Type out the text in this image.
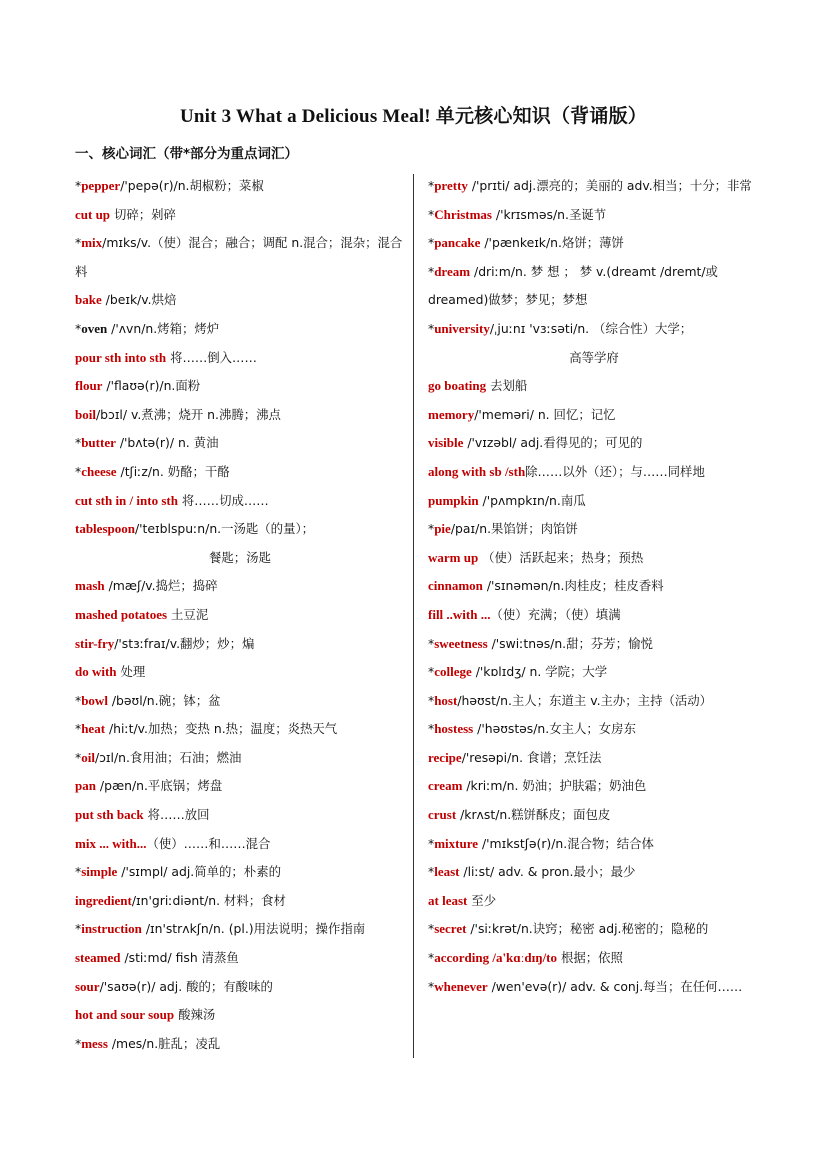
Unit 3 What a Delicious Meal! 单元核心知识（背诵版）
一、核心词汇（带*部分为重点词汇）
*pepper/'pepə(r)/n.胡椒粉；菜椒
cut up 切碎；剁碎
*mix/mɪks/v.（使）混合；融合；调配 n.混合；混杂；混合料
bake /beɪk/v.烘焙
*oven /'ʌvn/n.烤箱；烤炉
pour sth into sth 将……倒入……
flour /'flaʊə(r)/n.面粉
boil/bɔɪl/ v.煮沸；烧开 n.沸腾；沸点
*butter /'bʌtə(r)/ n. 黄油
*cheese /tʃiːz/n. 奶酪；干酪
cut sth in / into sth 将……切成……
tablespoon/'teɪblspuːn/n.一汤匙（的量）；
餐匙；汤匙
mash /mæʃ/v.捣烂；捣碎
mashed potatoes 土豆泥
stir-fry/'stɜːfraɪ/v.翻炒；炒；煸
do with 处理
*bowl /bəʊl/n.碗；钵；盆
*heat /hiːt/v.加热；变热 n.热；温度；炎热天气
*oil/ɔɪl/n.食用油；石油；燃油
pan /pæn/n.平底锅；烤盘
put sth back 将……放回
mix ... with...（使）……和……混合
*simple /'sɪmpl/ adj.简单的；朴素的
ingredient/ɪn'griːdiənt/n. 材料；食材
*instruction /ɪn'strʌkʃn/n. (pl.)用法说明；操作指南
steamed /stiːmd/ fish 清蒸鱼
sour/'saʊə(r)/ adj. 酸的；有酸味的
hot and sour soup 酸辣汤
*mess /mes/n.脏乱；凌乱
*pretty /'prɪti/ adj.漂亮的；美丽的 adv.相当；十分；非常
*Christmas /'krɪsməs/n.圣诞节
*pancake /'pænkeɪk/n.烙饼；薄饼
*dream /driːm/n. 梦 想 ； 梦 v.(dreamt /dremt/或 dreamed)做梦；梦见；梦想
*university/ˌjuːnɪ 'vɜːsəti/n. （综合性）大学；
高等学府
go boating 去划船
memory/'meməri/ n. 回忆；记忆
visible /'vɪzəbl/ adj.看得见的；可见的
along with sb /sth除……以外（还）；与……同样地
pumpkin /'pʌmpkɪn/n.南瓜
*pie/paɪ/n.果馅饼；肉馅饼
warm up （使）活跃起来；热身；预热
cinnamon /'sɪnəmən/n.肉桂皮；桂皮香料
fill ..with ...（使）充满；（使）填满
*sweetness /'swiːtnəs/n.甜；芬芳；愉悦
*college /'kɒlɪdʒ/ n. 学院；大学
*host/həʊst/n.主人；东道主 v.主办；主持（活动）
*hostess /'həʊstəs/n.女主人；女房东
recipe/'resəpi/n. 食谱；烹饪法
cream /kriːm/n. 奶油；护肤霜；奶油色
crust /krʌst/n.糕饼酥皮；面包皮
*mixture /'mɪkstʃə(r)/n.混合物；结合体
*least /liːst/ adv. & pron.最小；最少
at least 至少
*secret /'siːkrət/n.诀窍；秘密 adj.秘密的；隐秘的
*according /a'kɑːdɪŋ/to 根据；依照
*whenever /wen'evə(r)/ adv. & conj.每当；在任何……
